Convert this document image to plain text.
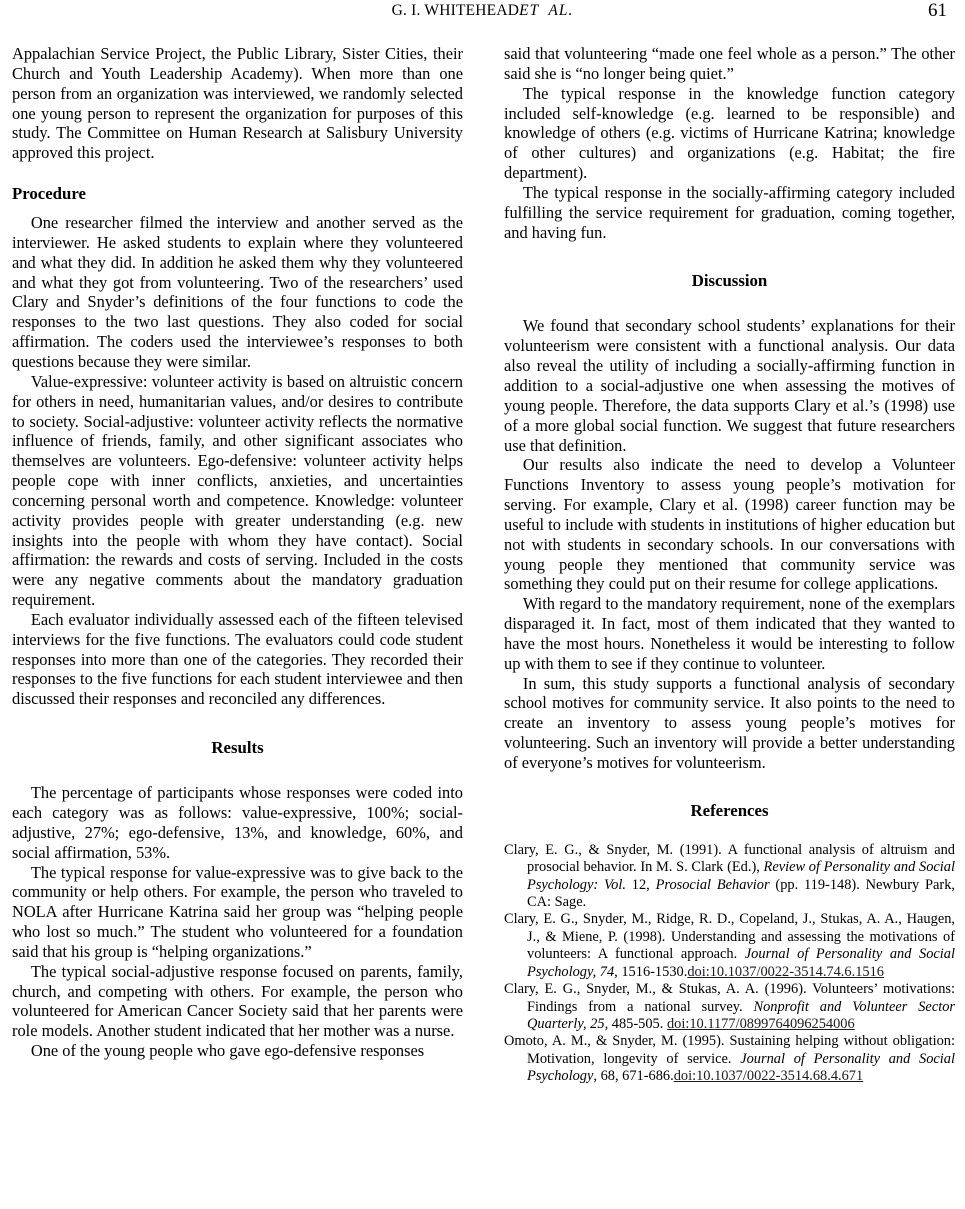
G. I. WHITEHEADET  AL.	61

Appalachian Service Project, the Public Library, Sister Cities, their Church and Youth Leadership Academy). When more than one person from an organization was interviewed, we randomly selected one young person to represent the organization for purposes of this study. The Committee on Human Research at Salisbury University approved this project.

Procedure

One researcher filmed the interview and another served as the interviewer. He asked students to explain where they volunteered and what they did. In addition he asked them why they volunteered and what they got from volunteering. Two of the researchers’ used Clary and Snyder’s definitions of the four functions to code the responses to the two last questions. They also coded for social affirmation. The coders used the interviewee’s responses to both questions because they were similar.

Value-expressive: volunteer activity is based on altruistic concern for others in need, humanitarian values, and/or desires to contribute to society. Social-adjustive: volunteer activity reflects the normative influence of friends, family, and other significant associates who themselves are volunteers. Ego-defensive: volunteer activity helps people cope with inner conflicts, anxieties, and uncertainties concerning personal worth and competence. Knowledge: volunteer activity provides people with greater understanding (e.g. new insights into the people with whom they have contact). Social affirmation: the rewards and costs of serving. Included in the costs were any negative comments about the mandatory graduation requirement.

Each evaluator individually assessed each of the fifteen televised interviews for the five functions. The evaluators could code student responses into more than one of the categories. They recorded their responses to the five functions for each student interviewee and then discussed their responses and reconciled any differences.

Results

The percentage of participants whose responses were coded into each category was as follows: value-expressive, 100%; social-adjustive, 27%; ego-defensive, 13%, and knowledge, 60%, and social affirmation, 53%.

The typical response for value-expressive was to give back to the community or help others. For example, the person who traveled to NOLA after Hurricane Katrina said her group was “helping people who lost so much.” The student who volunteered for a foundation said that his group is “helping organizations.”

The typical social-adjustive response focused on parents, family, church, and competing with others. For example, the person who volunteered for American Cancer Society said that her parents were role models. Another student indicated that her mother was a nurse.

One of the young people who gave ego-defensive responses

said that volunteering “made one feel whole as a person.” The other said she is “no longer being quiet.”

The typical response in the knowledge function category included self-knowledge (e.g. learned to be responsible) and knowledge of others (e.g. victims of Hurricane Katrina; knowledge of other cultures) and organizations (e.g. Habitat; the fire department).

The typical response in the socially-affirming category included fulfilling the service requirement for graduation, coming together, and having fun.

Discussion

We found that secondary school students’ explanations for their volunteerism were consistent with a functional analysis. Our data also reveal the utility of including a socially-affirming function in addition to a social-adjustive one when assessing the motives of young people. Therefore, the data supports Clary et al.’s (1998) use of a more global social function. We suggest that future researchers use that definition.

Our results also indicate the need to develop a Volunteer Functions Inventory to assess young people’s motivation for serving. For example, Clary et al. (1998) career function may be useful to include with students in institutions of higher education but not with students in secondary schools. In our conversations with young people they mentioned that community service was something they could put on their resume for college applications.

With regard to the mandatory requirement, none of the exemplars disparaged it. In fact, most of them indicated that they wanted to have the most hours. Nonetheless it would be interesting to follow up with them to see if they continue to volunteer.

In sum, this study supports a functional analysis of secondary school motives for community service. It also points to the need to create an inventory to assess young people’s motives for volunteering. Such an inventory will provide a better understanding of everyone’s motives for volunteerism.

References

Clary, E. G., & Snyder, M. (1991). A functional analysis of altruism and prosocial behavior. In M. S. Clark (Ed.), Review of Personality and Social Psychology: Vol. 12, Prosocial Behavior (pp. 119-148). Newbury Park, CA: Sage.

Clary, E. G., Snyder, M., Ridge, R. D., Copeland, J., Stukas, A. A., Haugen, J., & Miene, P. (1998). Understanding and assessing the motivations of volunteers: A functional approach. Journal of Personality and Social Psychology, 74, 1516-1530.doi:10.1037/0022-3514.74.6.1516

Clary, E. G., Snyder, M., & Stukas, A. A. (1996). Volunteers’ motivations: Findings from a national survey. Nonprofit and Volunteer Sector Quarterly, 25, 485-505. doi:10.1177/0899764096254006

Omoto, A. M., & Snyder, M. (1995). Sustaining helping without obligation: Motivation, longevity of service. Journal of Personality and Social Psychology, 68, 671-686.doi:10.1037/0022-3514.68.4.671
